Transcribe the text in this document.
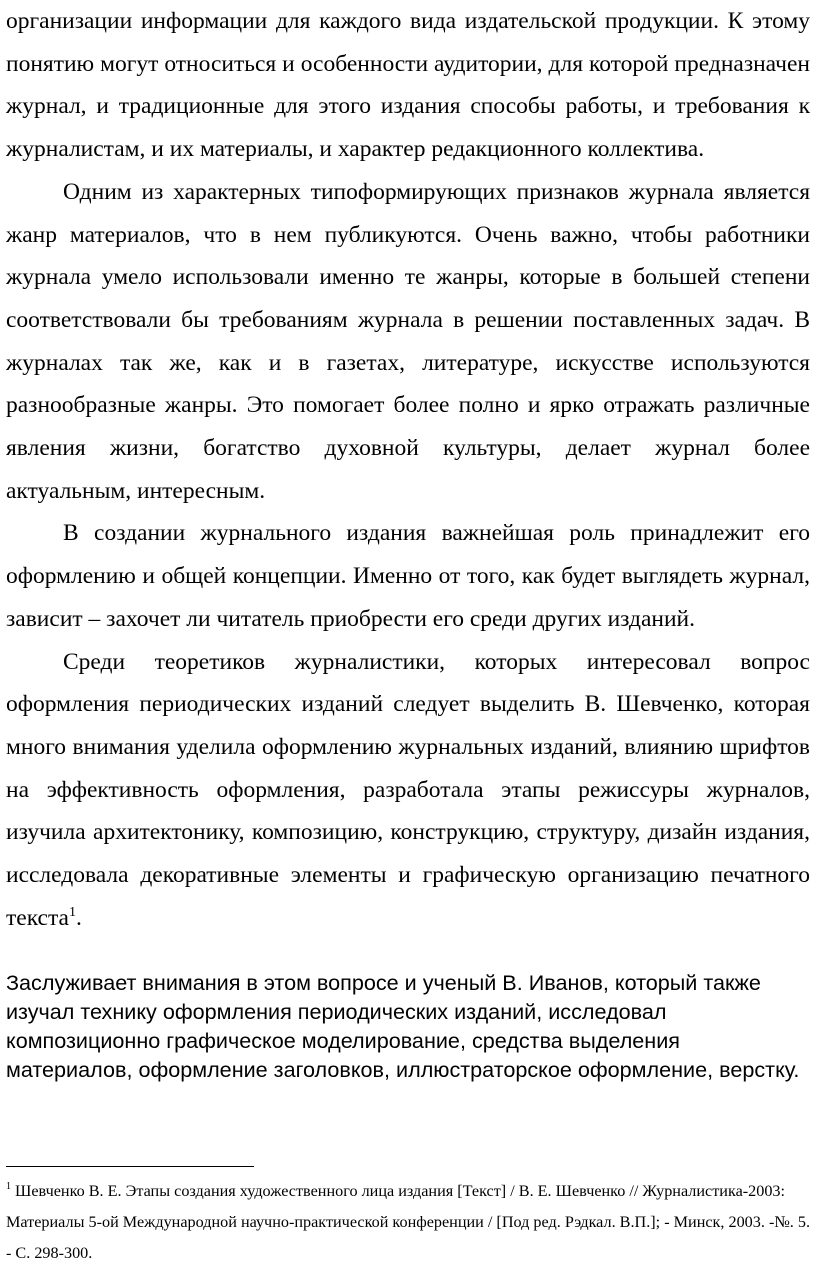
организации информации для каждого вида издательской продукции. К этому понятию могут относиться и особенности аудитории, для которой предназначен журнал, и традиционные для этого издания способы работы, и требования к журналистам, и их материалы, и характер редакционного коллектива.

Одним из характерных типоформирующих признаков журнала является жанр материалов, что в нем публикуются. Очень важно, чтобы работники журнала умело использовали именно те жанры, которые в большей степени соответствовали бы требованиям журнала в решении поставленных задач. В журналах так же, как и в газетах, литературе, искусстве используются разнообразные жанры. Это помогает более полно и ярко отражать различные явления жизни, богатство духовной культуры, делает журнал более актуальным, интересным.

В создании журнального издания важнейшая роль принадлежит его оформлению и общей концепции. Именно от того, как будет выглядеть журнал, зависит – захочет ли читатель приобрести его среди других изданий.

Среди теоретиков журналистики, которых интересовал вопрос оформления периодических изданий следует выделить В. Шевченко, которая много внимания уделила оформлению журнальных изданий, влиянию шрифтов на эффективность оформления, разработала этапы режиссуры журналов, изучила архитектонику, композицию, конструкцию, структуру, дизайн издания, исследовала декоративные элементы и графическую организацию печатного текста$^1$.

Заслуживает внимания в этом вопросе и ученый В. Иванов, который также изучал технику оформления периодических изданий, исследовал композиционно графическое моделирование, средства выделения материалов, оформление заголовков, иллюстраторское оформление, верстку.

$^1$ Шевченко В. Е. Этапы создания художественного лица издания [Текст] / В. Е. Шевченко // Журналистика-2003: Материалы 5-ой Международной научно-практической конференции / [Под ред. Рэдкал. В.П.]; - Минск, 2003. -№. 5. - С. 298-300.
